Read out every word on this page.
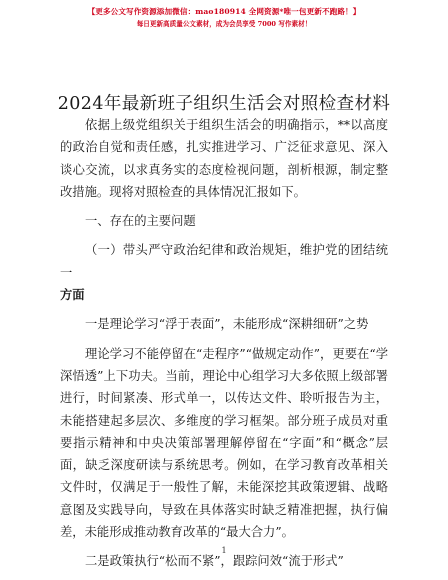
【更多公文写作资源添加微信：mao180914 全网资源*唯一包更新不跑路！】
每日更新高质量公文素材，成为会员享受 7000 写作素材！
2024年最新班子组织生活会对照检查材料

依据上级党组织关于组织生活会的明确指示，**以高度的政治自觉和责任感，扎实推进学习、广泛征求意见、深入谈心交流，以求真务实的态度检视问题，剖析根源，制定整改措施。现将对照检查的具体情况汇报如下。

一、存在的主要问题

（一）带头严守政治纪律和政治规矩，维护党的团结统一

方面

一是理论学习“浮于表面”，未能形成“深耕细研”之势

理论学习不能停留在“走程序”“做规定动作”，更要在“学深悟透”上下功夫。当前，理论中心组学习大多依照上级部署进行，时间紧凑、形式单一，以传达文件、聆听报告为主，未能搭建起多层次、多维度的学习框架。部分班子成员对重要指示精神和中央决策部署理解停留在“字面”和“概念”层面，缺乏深度研读与系统思考。例如，在学习教育改革相关文件时，仅满足于一般性了解，未能深挖其政策逻辑、战略意图及实践导向，导致在具体落实时缺乏精准把握，执行偏差，未能形成推动教育改革的“最大合力”。

二是政策执行“松而不紧”，跟踪问效“流于形式”

1
